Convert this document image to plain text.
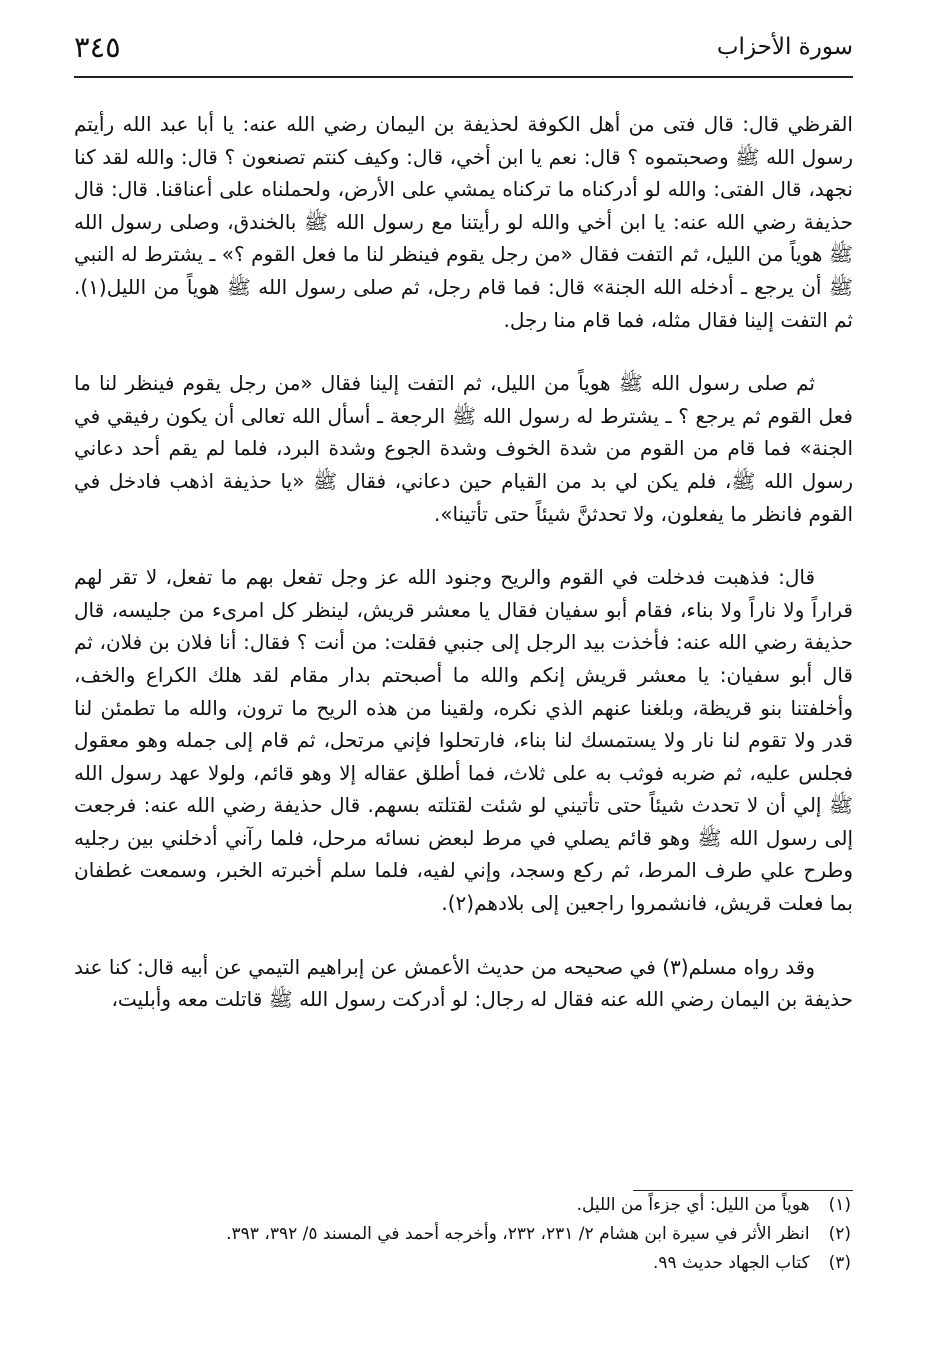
سورة الأحزاب
٣٤٥

القرظي قال: قال فتى من أهل الكوفة لحذيفة بن اليمان رضي الله عنه: يا أبا عبد الله رأيتم رسول الله ﷺ وصحبتموه ؟ قال: نعم يا ابن أخي، قال: وكيف كنتم تصنعون ؟ قال: والله لقد كنا نجهد، قال الفتى: والله لو أدركناه ما تركناه يمشي على الأرض، ولحملناه على أعناقنا. قال: قال حذيفة رضي الله عنه: يا ابن أخي والله لو رأيتنا مع رسول الله ﷺ بالخندق، وصلى رسول الله ﷺ هوياً من الليل، ثم التفت فقال «من رجل يقوم فينظر لنا ما فعل القوم ؟» ـ يشترط له النبي ﷺ أن يرجع ـ أدخله الله الجنة» قال: فما قام رجل، ثم صلى رسول الله ﷺ هوياً من الليل(١). ثم التفت إلينا فقال مثله، فما قام منا رجل.

ثم صلى رسول الله ﷺ هوياً من الليل، ثم التفت إلينا فقال «من رجل يقوم فينظر لنا ما فعل القوم ثم يرجع ؟ ـ يشترط له رسول الله ﷺ الرجعة ـ أسأل الله تعالى أن يكون رفيقي في الجنة» فما قام من القوم من شدة الخوف وشدة الجوع وشدة البرد، فلما لم يقم أحد دعاني رسول الله ﷺ، فلم يكن لي بد من القيام حين دعاني، فقال ﷺ «يا حذيفة اذهب فادخل في القوم فانظر ما يفعلون، ولا تحدثنَّ شيئاً حتى تأتينا».

قال: فذهبت فدخلت في القوم والريح وجنود الله عز وجل تفعل بهم ما تفعل، لا تقر لهم قراراً ولا ناراً ولا بناء، فقام أبو سفيان فقال يا معشر قريش، لينظر كل امرىء من جليسه، قال حذيفة رضي الله عنه: فأخذت بيد الرجل إلى جنبي فقلت: من أنت ؟ فقال: أنا فلان بن فلان، ثم قال أبو سفيان: يا معشر قريش إنكم والله ما أصبحتم بدار مقام لقد هلك الكراع والخف، وأخلفتنا بنو قريظة، وبلغنا عنهم الذي نكره، ولقينا من هذه الريح ما ترون، والله ما تطمئن لنا قدر ولا تقوم لنا نار ولا يستمسك لنا بناء، فارتحلوا فإني مرتحل، ثم قام إلى جمله وهو معقول فجلس عليه، ثم ضربه فوثب به على ثلاث، فما أطلق عقاله إلا وهو قائم، ولولا عهد رسول الله ﷺ إلي أن لا تحدث شيئاً حتى تأتيني لو شئت لقتلته بسهم. قال حذيفة رضي الله عنه: فرجعت إلى رسول الله ﷺ وهو قائم يصلي في مرط لبعض نسائه مرحل، فلما رآني أدخلني بين رجليه وطرح علي طرف المرط، ثم ركع وسجد، وإني لفيه، فلما سلم أخبرته الخبر، وسمعت غطفان بما فعلت قريش، فانشمروا راجعين إلى بلادهم(٢).

وقد رواه مسلم(٣) في صحيحه من حديث الأعمش عن إبراهيم التيمي عن أبيه قال: كنا عند حذيفة بن اليمان رضي الله عنه فقال له رجال: لو أدركت رسول الله ﷺ قاتلت معه وأبليت،

(١) هوياً من الليل: أي جزءاً من الليل.

(٢) انظر الأثر في سيرة ابن هشام ٢/ ٢٣١، ٢٣٢، وأخرجه أحمد في المسند ٥/ ٣٩٢، ٣٩٣.

(٣) كتاب الجهاد حديث ٩٩.
